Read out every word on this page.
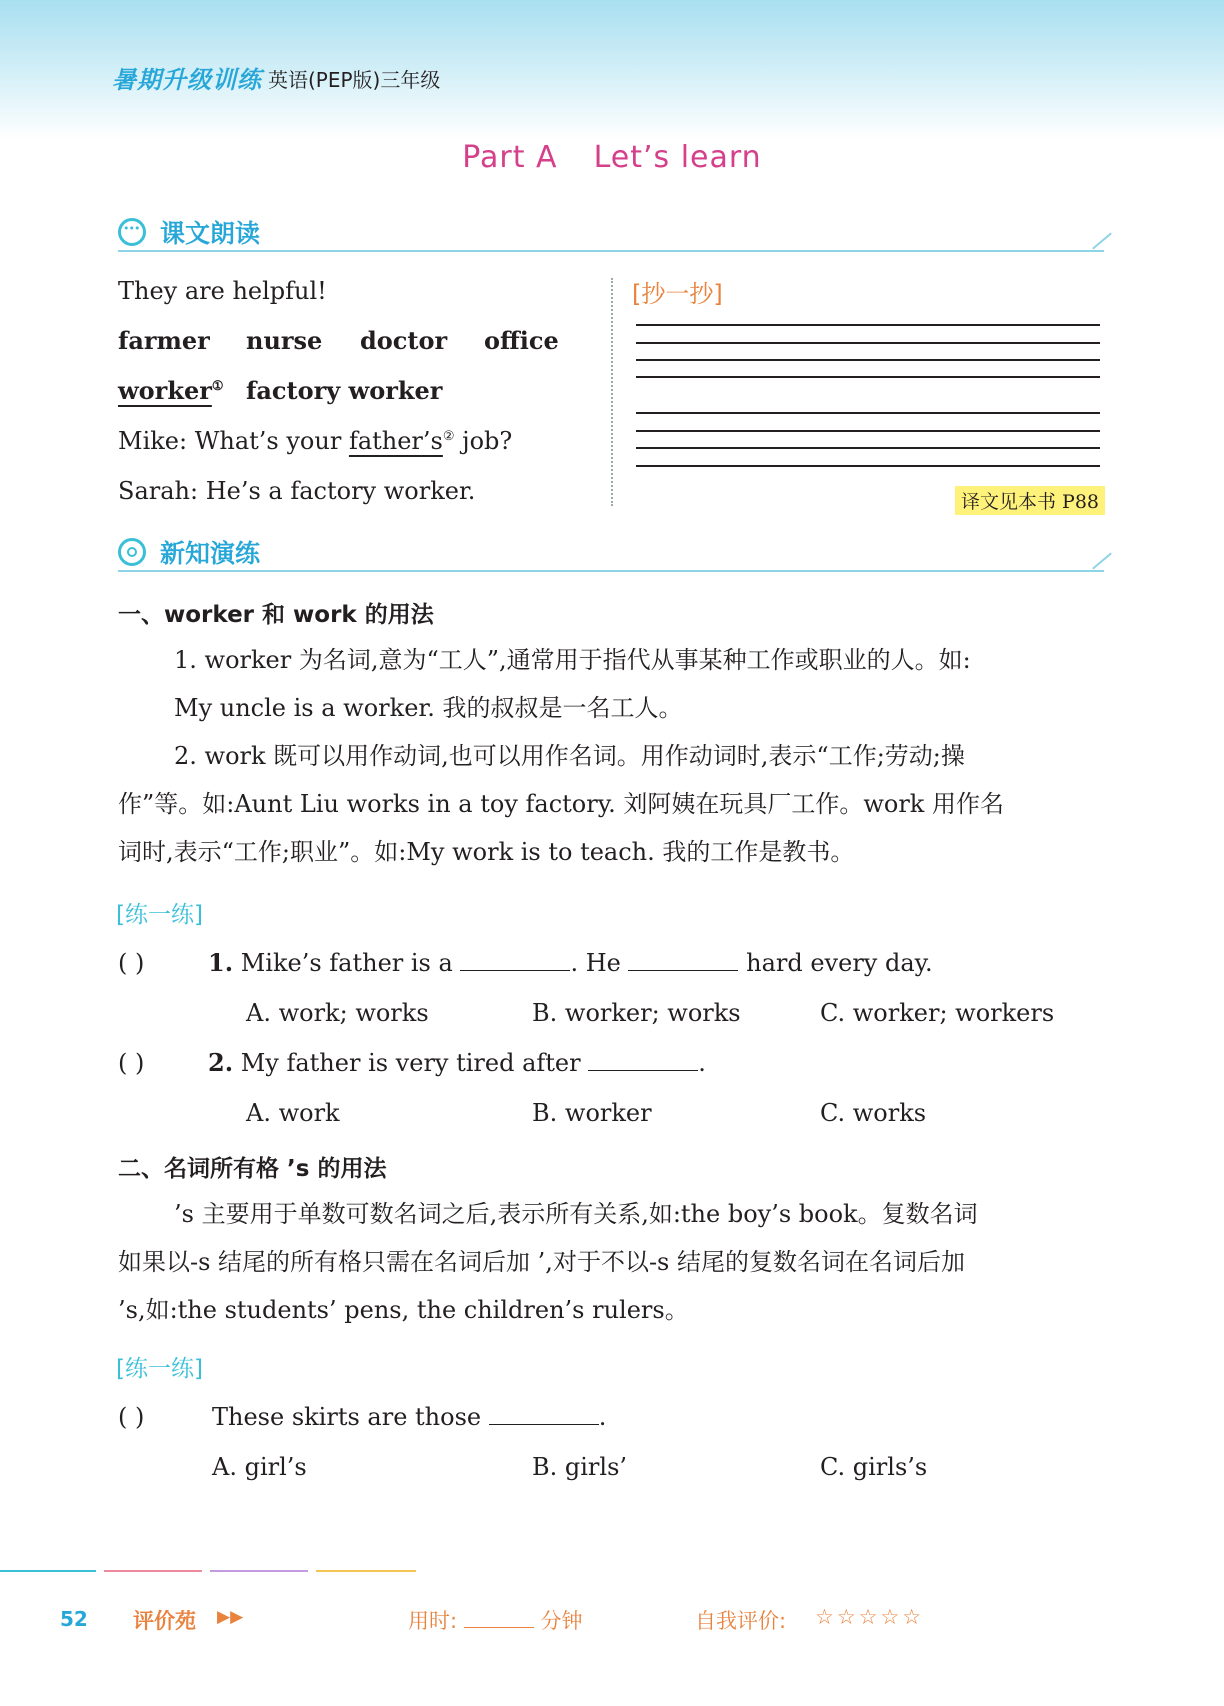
暑期升级训练 英语(PEP版)三年级
Part A Let’s learn
•••
课文朗读
They are helpful!
farmer nurse doctor office
worker① factory worker
Mike: What’s your father’s② job?
Sarah: He’s a factory worker.
[抄一抄]
译文见本书 P88
新知演练
一、worker 和 work 的用法
1. worker 为名词,意为“工人”,通常用于指代从事某种工作或职业的人。如:
My uncle is a worker. 我的叔叔是一名工人。
2. work 既可以用作动词,也可以用作名词。用作动词时,表示“工作;劳动;操
作”等。如:Aunt Liu works in a toy factory. 刘阿姨在玩具厂工作。work 用作名
词时,表示“工作;职业”。如:My work is to teach. 我的工作是教书。
[练一练]
( )	1. Mike’s father is a	. He	hard every day.
A. work; works	B. worker; works	C. worker; workers
( )	2. My father is very tired after	.
A. work	B. worker	C. works
二、名词所有格 ’s 的用法
’s 主要用于单数可数名词之后,表示所有关系,如:the boy’s book。复数名词
如果以-s 结尾的所有格只需在名词后加 ’,对于不以-s 结尾的复数名词在名词后加
’s,如:the students’ pens, the children’s rulers。
[练一练]
( )	These skirts are those	.
A. girl’s	B. girls’	C. girls’s
52 评价苑 ▶▶	用时:	分钟	自我评价: ☆☆☆☆☆
